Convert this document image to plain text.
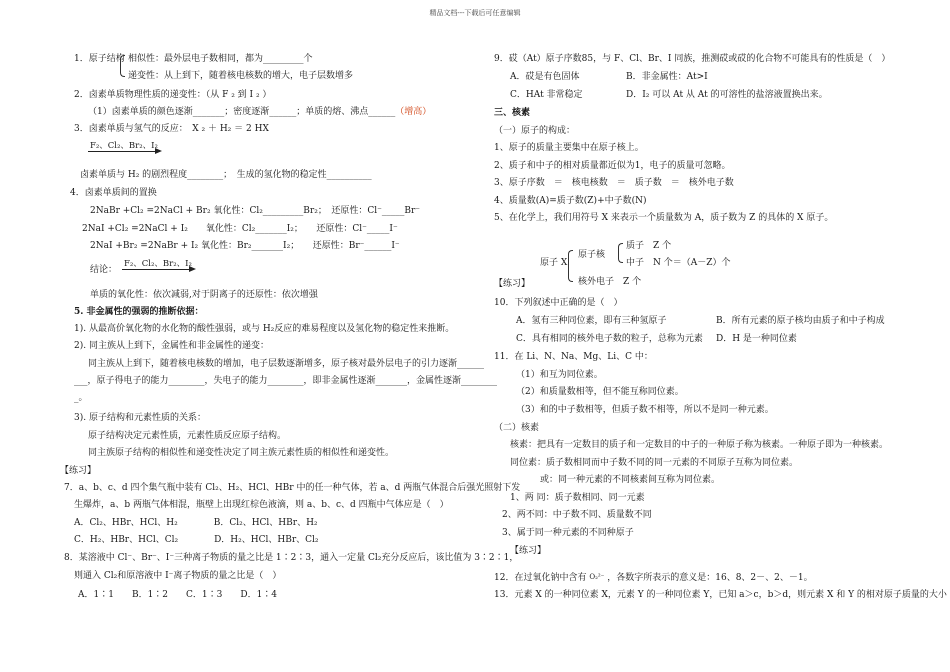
精品文档---下载后可任意编辑
1．原子结构 相似性：最外层电子数相同，都为_________个
递变性：从上到下，随着核电核数的增大，电子层数增多
2．卤素单质物理性质的递变性：（从 F ₂ 到 I ₂ ）
（1）卤素单质的颜色逐渐_______；密度逐渐______；单质的熔、沸点______（增高）
3．卤素单质与氢气的反应：　X ₂ ＋ H₂ ＝ 2 HX
F₂、Cl₂、Br₂、I₂
卤素单质与 H₂ 的剧烈程度________；　生成的氢化物的稳定性__________
4．卤素单质间的置换
2NaBr +Cl₂ =2NaCl + Br₂ 氧化性：Cl₂_________Br₂；　还原性：Cl⁻_____Br⁻
2NaI +Cl₂ =2NaCl + I₂　　氧化性：Cl₂_______I₂；　　还原性：Cl⁻_____I⁻
2NaI +Br₂ =2NaBr + I₂ 氧化性：Br₂_______I₂；　　还原性：Br⁻______I⁻
结论：
F₂、Cl₂、Br₂、I₂
单质的氧化性：依次减弱,对于阴离子的还原性：依次增强
5. 非金属性的强弱的推断依据：
1). 从最高价氧化物的水化物的酸性强弱，或与 H₂反应的难易程度以及氢化物的稳定性来推断。
2). 同主族从上到下，金属性和非金属性的递变：
同主族从上到下，随着核电核数的增加，电子层数逐渐增多，原子核对最外层电子的引力逐渐______
___，原子得电子的能力________，失电子的能力________，即非金属性逐渐_______，金属性逐渐________
_。
3). 原子结构和元素性质的关系：
原子结构决定元素性质，元素性质反应原子结构。
同主族原子结构的相似性和递变性决定了同主族元素性质的相似性和递变性。
【练习】
7．a、b、c、d 四个集气瓶中装有 Cl₂、H₂、HCl、HBr 中的任一种气体，若 a、d 两瓶气体混合后强光照射下发
生爆炸，a、b 两瓶气体相混，瓶壁上出现红棕色液滴，则 a、b、c、d 四瓶中气体应是（　）
A．Cl₂、HBr、HCl、H₂　　　　B．Cl₂、HCl、HBr、H₂
C．H₂、HBr、HCl、Cl₂　　　　D．H₂、HCl、HBr、Cl₂
8．某溶液中 Cl⁻、Br⁻、I⁻三种离子物质的量之比是 1∶2∶3，通入一定量 Cl₂充分反应后，该比值为 3∶2∶1，
则通入 Cl₂和原溶液中 I⁻离子物质的量之比是（　）
A．1∶1　　B．1∶2　　C．1∶3　　D．1∶4
9．砹（At）原子序数85，与 F、Cl、Br、I 同族，推测砹或砹的化合物不可能具有的性质是（　）
A．砹是有色固体	B．非金属性：At>I
C．HAt 非常稳定	D．I₂ 可以 At 从 At 的可溶性的盐溶液置换出来。
三、核素
（一）原子的构成：
1、原子的质量主要集中在原子核上。
2、质子和中子的相对质量都近似为1，电子的质量可忽略。
3、原子序数　＝　核电核数　＝　质子数　＝　核外电子数
4、质量数(A)=质子数(Z)+中子数(N)
5、在化学上，我们用符号 X 来表示一个质量数为 A，质子数为 Z 的具体的 X 原子。
原子 X
原子核
质子　Z 个
中子　N 个＝（A－Z）个
核外电子　Z 个
【练习】
10．下列叙述中正确的是（　）
A．氢有三种同位素，即有三种氢原子	B．所有元素的原子核均由质子和中子构成
C．具有相同的核外电子数的粒子，总称为元素 D．H 是一种同位素
11．在 Li、N、Na、Mg、Li、C 中：
（1）和互为同位素。
（2）和质量数相等，但不能互称同位素。
（3）和的中子数相等，但质子数不相等，所以不是同一种元素。
（二）核素
核素：把具有一定数目的质子和一定数目的中子的一种原子称为核素。一种原子即为一种核素。
同位素：质子数相同而中子数不同的同一元素的不同原子互称为同位素。
或：同一种元素的不同核素间互称为同位素。
1、两 同：质子数相同、同一元素
2、两不同：中子数不同、质量数不同
3、属于同一种元素的不同种原子
【练习】
12．在过氧化钠中含有 O₂²⁻ ，各数字所表示的意义是：16、8、2－、2、－1。
13．元素 X 的一种同位素 X，元素 Y 的一种同位素 Y，已知 a＞c，b＞d，则元素 X 和 Y 的相对原子质量的大小
